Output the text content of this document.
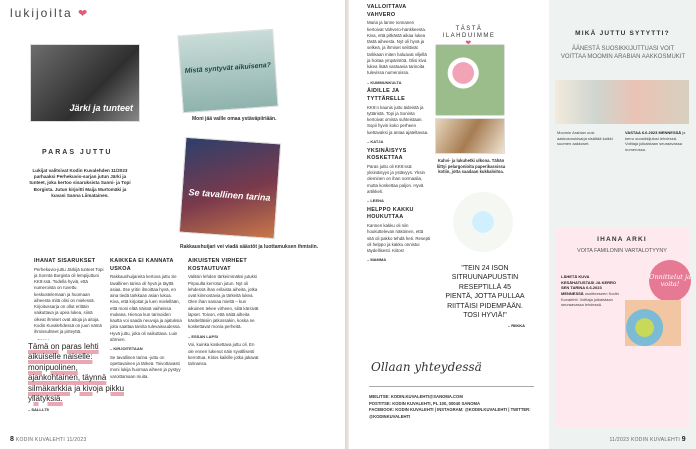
lukijoilta ❤
Järki ja tunteet
Mistä syntyvät aikuisena?
Moni jää vaille omaa ystäväpiiriään.
Se tavallinen tarina
Rakkaushuijari vei viadä säästöt ja luottamuksen ihmisiin.
PARAS JUTTU
Lukijat valitsivat Kodin Kuvalehden 11/2023 parhaaksi Perhekuvio-sarjan jutun Järki ja tunteet, joka kertoo sisaruksista Sanni- ja Topi Borgista. Jutun kirjoitti Maija Murtomäki ja kuvasi Sanna Liimatainen.
IHANAT SISARUKSET

Perhekuvio-juttu Järkijä tunteet Topi ja Sonnta Borgista oli lempijuttuni KK9:ssä. Todella hyviä, että numeroista on ruvettu keskustelemaan ja huomaan aiheesta mitä olisi on mielessä. Kirjoitussarja on ollut erittäin vaikuttava ja upea lukea, siinä oikeat ihmiset ovat aitoja ja aitoja. Kodin Kuvalehdessä on juuri nämä ihmissuhteet ja pirteyttä.

KAIKKEA EI KANNATA USKOA

Rakkaushuijareita kertova juttu Se tavallinen tarina oli hyvä ja täyttä asiaa. Itse yritin ilmoittaa hyvä, en aina tiedä tarkkaan asian lukua. Kiva, että kirjoitat ja luen mielellään, että moni elää näissä vaiheissa mukana. Hienoa kun tarinoiden kautta voi saada neuvoja ja ajatuksia joita saattaa tarvita tulevaisuudessa. Hyvä juttu, joka oli vaikuttava. Luin ahmien.

– KIRJOITETAAN

Se tavallinen tarina -juttu on opettavainen ja tärkeä. Toivottavasti moni lukija huomaa aiheen ja pystyy varoittamaan muita.

AIKUISTEN VIRHEET KOSTAUTUVAT

Valitsin lehden tärkeimmäksi jutuksi Pirpuulta kerrotun jutun. Nyt oli lehdessä ihan erilaista aiheita, jotka ovat kiinnostavia ja tärkeitä lukea. Olen ihan samaa mieltä – kun aikuinen tekee virheen, siitä kärsivät lapset. Toivon, että näitä aiheita käsiteltäisiin jatkossakin, koska ne koskettavat monia perheitä.

– ESSAN LAPSI

Voi, kuinka koskettava juttu oli. En ole ennen lukenut näin syvällisesti kerrottua. Kiitos kaikille jotka jakavat tarinansa.

Tämä on paras lehti aikuiselle naiselle: monipuolinen, ajankohtainen, täynnä silmäkarkkia ja kivoja pikku yllätyksiä.
– SALLI-75
8 KODIN KUVALEHTI 11/2023
VALLOITTAVA VAHVERO

Maria ja lanne Ionnanen kertoivat Vahvero-hankkeesta. Kiva, että pitkästä aikaa lukea tästä aiheesta. Nyt oli hyvä ja selkeä, ja ihmiset selittivät tarkkaan miten haluavat viljellä ja hoitaa ympäristöä. Olisi kiva lukea lisää vastaavia tarinoita tulevissa numeroissa.

– KUMMUNKULTA

ÄIDILLE JA TYTTÄRELLE

KK9:n kaunis juttu äideistä ja tyttäristä. Topi ja Soninta kertoivat omista suhteistaan. Sopii hyvin koko perheen luettavaksi ja antaa ajateltavaa.

– KATJA

YKSINÄISYYS KOSKETTAA

Paras juttu oli KK9:ssä: yksinäisyys ja ystävyys. Yksin oleminen on ihan normaalia, mutta koskettaa paljon. Hyvä artikkeli.

– LEENA

HELPPO KAKKU HOUKUTTAA

Kannen kakku oli niin houkuttelevan näköinen, että sitä oli pakko tehdä heti. Resepti oli helppo ja kakku onnistui täydellisesti. Kiitos!

– MAMMA

TÄSTÄ ILAHDUIMME
Kahvi- ja lukuhetki ulkona. Tähän liittyi pelargonioita paperikassissa kotiin, jotta saadaan kukkaloitoa.
"TEIN 24 ISON SITRUUNAPUUSTIN RESEPTILLÄ 45 PIENTÄ, JOTTA PULLAA RIITTÄISI PIDEMPÄÄN. TOSI HYVIÄ!"
– RIIKKA
Ollaan yhteydessä
MEILITSE: KODIN.KUVALEHTI@SANOMA.COM
POSTITSE: KODIN KUVALEHTI, PL 100, 00040 SANOMA
FACEBOOK: KODIN KUVALEHTI | INSTAGRAM: @KODIN.KUVALEHTI | TWITTER: @KODINKUVALEHTI
MIKÄ JUTTU SYTYTTI?
ÄÄNESTÄ SUOSIKKIJUTTUASI VOIT VOITTAA MOOMIN ARABIAN AAKKOSMUKIT
Moomin Arabian uusi aakkosmukisarja sisältää kaikki suomen aakkoset.
VASTAA 6.6.2023 MENNESSÄ ja kerro suosikkijutusi lehdessä. Voittaja julkaistaan seuraavassa numerossa.
IHANA ARKI
VOITA FAMILONIN VARTALOTYYNY
Onnittelut ja voita!
LÄHETÄ KUVA KESÄHATUSTASI JA KERRO SEN TARINA 6.6.2023 MENNESSÄ osoitteeseen Kodin Kuvalehti. Voittaja julkaistaan seuraavassa lehdessä.
11/2023 KODIN KUVALEHTI 9
